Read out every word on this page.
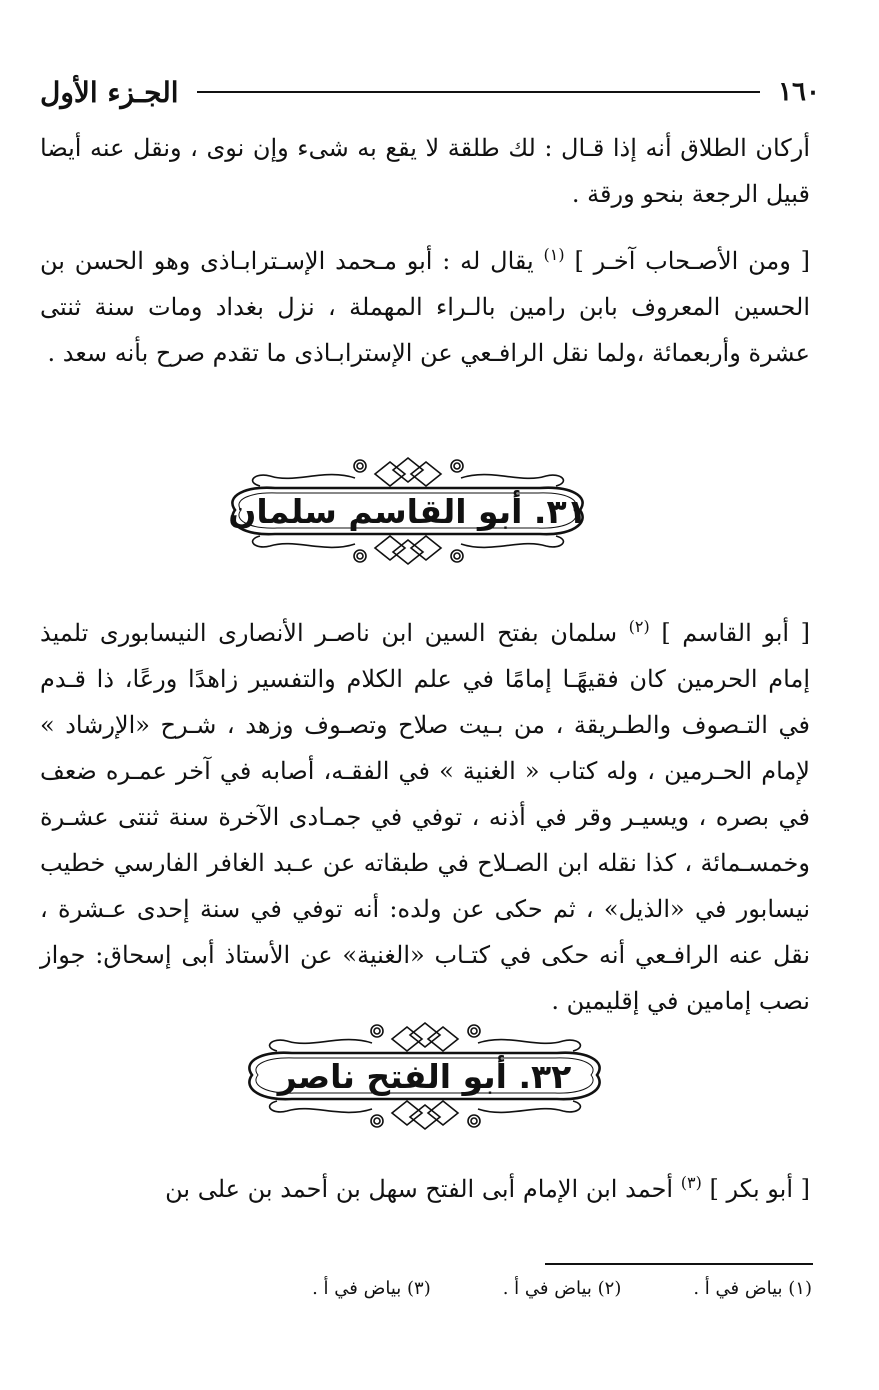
١٦٠
الجـزء الأول

أركان الطلاق أنه إذا قـال : لك طلقة لا يقع به شىء وإن نوى ، ونقل عنه أيضا قبيل الرجعة بنحو ورقة .

[ ومن الأصـحاب آخـر ] $^{(١)}$ يقال له : أبو مـحمد الإسـترابـاذى وهو الحسن بن الحسين المعروف بابن رامين بالـراء المهملة ، نزل بغداد ومات سنة ثنتى عشرة وأربعمائة ،ولما نقل الرافـعي عن الإسترابـاذى ما تقدم صرح بأنه سعد .

٣١. أبو القاسم سلمان

[ أبو القاسم ] $^{(٢)}$ سلمان بفتح السين ابن ناصـر الأنصارى النيسابورى تلميذ إمام الحرمين كان فقيهًـا إمامًا في علم الكلام والتفسير زاهدًا ورعًا، ذا قـدم في التـصوف والطـريقة ، من بـيت صلاح وتصـوف وزهد ، شـرح «الإرشاد » لإمام الحـرمين ، وله كتاب « الغنية » في الفقـه، أصابه في آخر عمـره ضعف في بصره ، ويسيـر وقر في أذنه ، توفي في جمـادى الآخرة سنة ثنتى عشـرة وخمسـمائة ، كذا نقله ابن الصـلاح في طبقاته عن عـبد الغافر الفارسي خطيب نيسابور في «الذيل» ، ثم حكى عن ولده: أنه توفي في سنة إحدى عـشرة ، نقل عنه الرافـعي أنه حكى في كتـاب «الغنية» عن الأستاذ أبى إسحاق: جواز نصب إمامين في إقليمين .

٣٢. أبو الفتح ناصر

[ أبو بكر ] $^{(٣)}$ أحمد ابن الإمام أبى الفتح سهل بن أحمد بن على بن

(١) بياض في أ .
(٢) بياض في أ .
(٣) بياض في أ .
